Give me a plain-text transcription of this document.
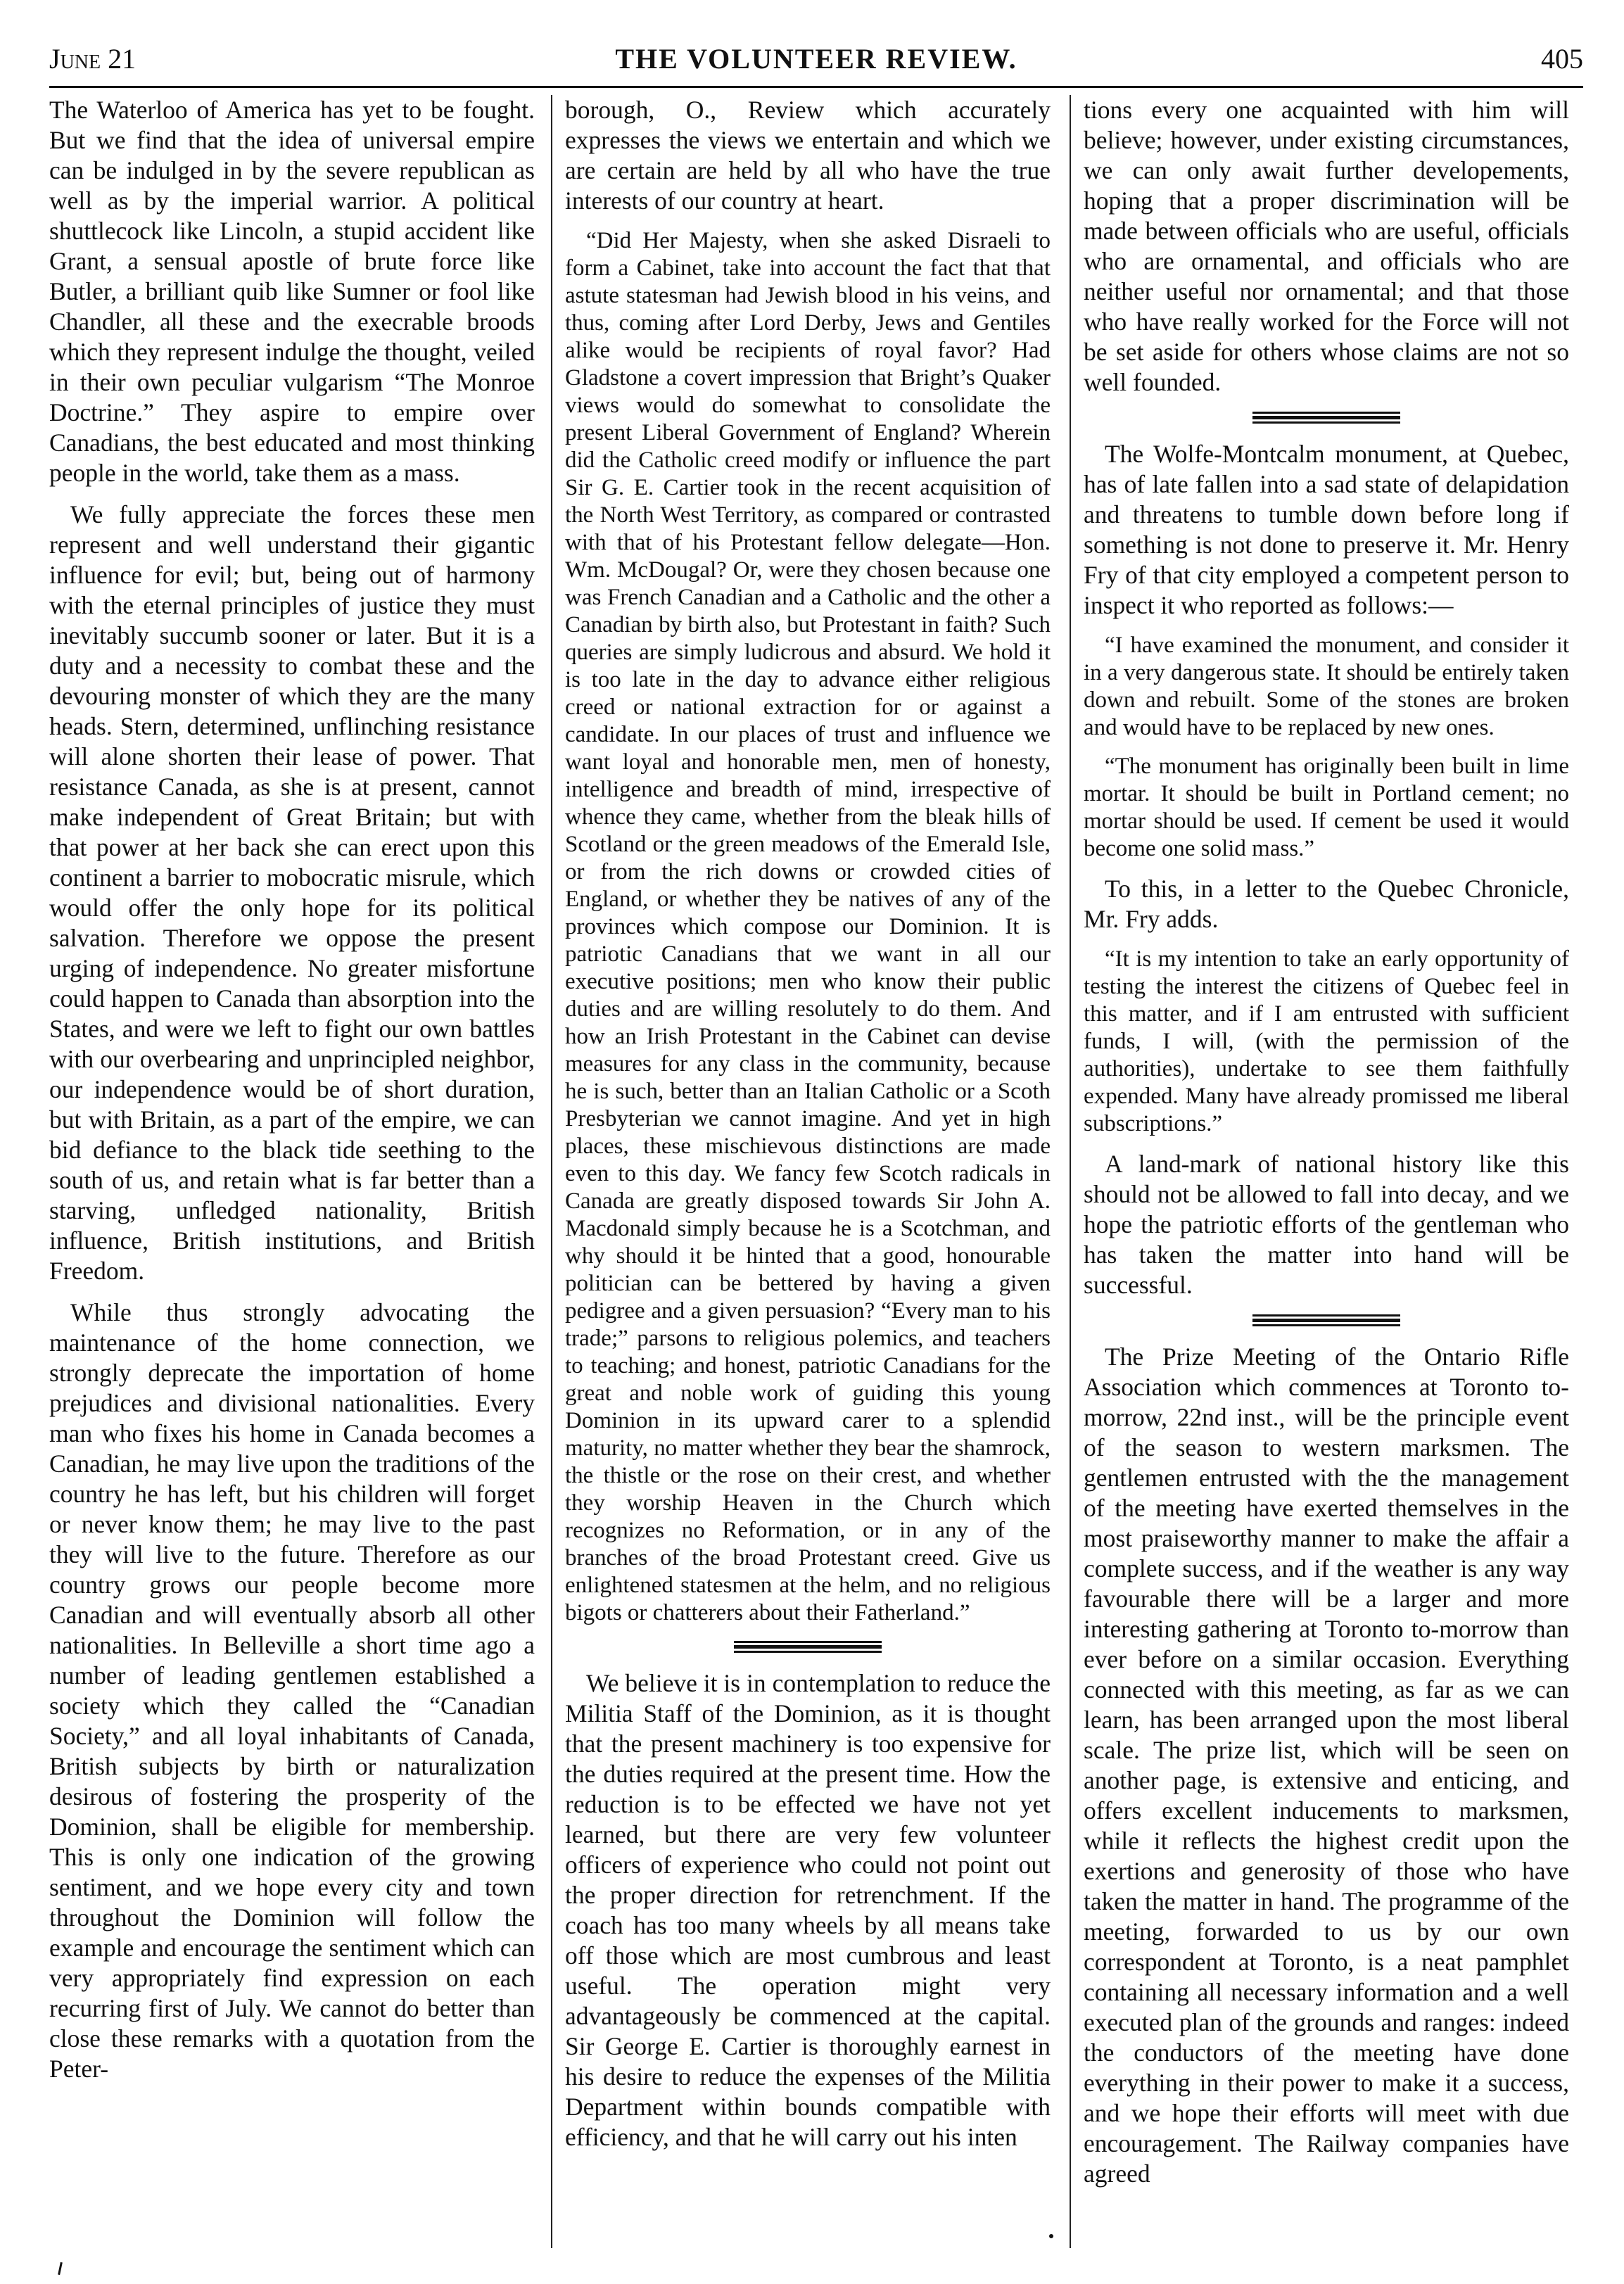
THE VOLUNTEER REVIEW.
June 21	405

The Waterloo of America has yet to be fought. But we find that the idea of universal empire can be indulged in by the severe republican as well as by the imperial warrior. A political shuttlecock like Lincoln, a stupid accident like Grant, a sensual apostle of brute force like Butler, a brilliant quib like Sumner or fool like Chandler, all these and the execrable broods which they represent indulge the thought, veiled in their own peculiar vulgarism “The Monroe Doctrine.” They aspire to empire over Canadians, the best educated and most thinking people in the world, take them as a mass.

We fully appreciate the forces these men represent and well understand their gigantic influence for evil; but, being out of harmony with the eternal principles of justice they must inevitably succumb sooner or later. But it is a duty and a necessity to combat these and the devouring monster of which they are the many heads. Stern, determined, unflinching resistance will alone shorten their lease of power. That resistance Canada, as she is at present, cannot make independent of Great Britain; but with that power at her back she can erect upon this continent a barrier to mobocratic misrule, which would offer the only hope for its political salvation. Therefore we oppose the present urging of independence. No greater misfortune could happen to Canada than absorption into the States, and were we left to fight our own battles with our overbearing and unprincipled neighbor, our independence would be of short duration, but with Britain, as a part of the empire, we can bid defiance to the black tide seething to the south of us, and retain what is far better than a starving, unfledged nationality, British influence, British institutions, and British Freedom.

While thus strongly advocating the maintenance of the home connection, we strongly deprecate the importation of home prejudices and divisional nationalities. Every man who fixes his home in Canada becomes a Canadian, he may live upon the traditions of the country he has left, but his children will forget or never know them; he may live to the past they will live to the future. Therefore as our country grows our people become more Canadian and will eventually absorb all other nationalities. In Belleville a short time ago a number of leading gentlemen established a society which they called the “Canadian Society,” and all loyal inhabitants of Canada, British subjects by birth or naturalization desirous of fostering the prosperity of the Dominion, shall be eligible for membership. This is only one indication of the growing sentiment, and we hope every city and town throughout the Dominion will follow the example and encourage the sentiment which can very appropriately find expression on each recurring first of July. We cannot do better than close these remarks with a quotation from the Peter-

borough, O., Review which accurately expresses the views we entertain and which we are certain are held by all who have the true interests of our country at heart.

“Did Her Majesty, when she asked Disraeli to form a Cabinet, take into account the fact that that astute statesman had Jewish blood in his veins, and thus, coming after Lord Derby, Jews and Gentiles alike would be recipients of royal favor? Had Gladstone a covert impression that Bright’s Quaker views would do somewhat to consolidate the present Liberal Government of England? Wherein did the Catholic creed modify or influence the part Sir G. E. Cartier took in the recent acquisition of the North West Territory, as compared or contrasted with that of his Protestant fellow delegate—Hon. Wm. McDougal? Or, were they chosen because one was French Canadian and a Catholic and the other a Canadian by birth also, but Protestant in faith? Such queries are simply ludicrous and absurd. We hold it is too late in the day to advance either religious creed or national extraction for or against a candidate. In our places of trust and influence we want loyal and honorable men, men of honesty, intelligence and breadth of mind, irrespective of whence they came, whether from the bleak hills of Scotland or the green meadows of the Emerald Isle, or from the rich downs or crowded cities of England, or whether they be natives of any of the provinces which compose our Dominion. It is patriotic Canadians that we want in all our executive positions; men who know their public duties and are willing resolutely to do them. And how an Irish Protestant in the Cabinet can devise measures for any class in the community, because he is such, better than an Italian Catholic or a Scoth Presbyterian we cannot imagine. And yet in high places, these mischievous distinctions are made even to this day. We fancy few Scotch radicals in Canada are greatly disposed towards Sir John A. Macdonald simply because he is a Scotchman, and why should it be hinted that a good, honourable politician can be bettered by having a given pedigree and a given persuasion? “Every man to his trade;” parsons to religious polemics, and teachers to teaching; and honest, patriotic Canadians for the great and noble work of guiding this young Dominion in its upward carer to a splendid maturity, no matter whether they bear the shamrock, the thistle or the rose on their crest, and whether they worship Heaven in the Church which recognizes no Reformation, or in any of the branches of the broad Protestant creed. Give us enlightened statesmen at the helm, and no religious bigots or chatterers about their Fatherland.”

We believe it is in contemplation to reduce the Militia Staff of the Dominion, as it is thought that the present machinery is too expensive for the duties required at the present time. How the reduction is to be effected we have not yet learned, but there are very few volunteer officers of experience who could not point out the proper direction for retrenchment. If the coach has too many wheels by all means take off those which are most cumbrous and least useful. The operation might very advantageously be commenced at the capital. Sir George E. Cartier is thoroughly earnest in his desire to reduce the expenses of the Militia Department within bounds compatible with efficiency, and that he will carry out his inten

tions every one acquainted with him will believe; however, under existing circumstances, we can only await further developements, hoping that a proper discrimination will be made between officials who are useful, officials who are ornamental, and officials who are neither useful nor ornamental; and that those who have really worked for the Force will not be set aside for others whose claims are not so well founded.

The Wolfe-Montcalm monument, at Quebec, has of late fallen into a sad state of delapidation and threatens to tumble down before long if something is not done to preserve it. Mr. Henry Fry of that city employed a competent person to inspect it who reported as follows:—

“I have examined the monument, and consider it in a very dangerous state. It should be entirely taken down and rebuilt. Some of the stones are broken and would have to be replaced by new ones.

“The monument has originally been built in lime mortar. It should be built in Portland cement; no mortar should be used. If cement be used it would become one solid mass.”

To this, in a letter to the Quebec Chronicle, Mr. Fry adds.

“It is my intention to take an early opportunity of testing the interest the citizens of Quebec feel in this matter, and if I am entrusted with sufficient funds, I will, (with the permission of the authorities), undertake to see them faithfully expended. Many have already promissed me liberal subscriptions.”

A land-mark of national history like this should not be allowed to fall into decay, and we hope the patriotic efforts of the gentleman who has taken the matter into hand will be successful.

The Prize Meeting of the Ontario Rifle Association which commences at Toronto to-morrow, 22nd inst., will be the principle event of the season to western marksmen. The gentlemen entrusted with the the management of the meeting have exerted themselves in the most praiseworthy manner to make the affair a complete success, and if the weather is any way favourable there will be a larger and more interesting gathering at Toronto to-morrow than ever before on a similar occasion. Everything connected with this meeting, as far as we can learn, has been arranged upon the most liberal scale. The prize list, which will be seen on another page, is extensive and enticing, and offers excellent inducements to marksmen, while it reflects the highest credit upon the exertions and generosity of those who have taken the matter in hand. The programme of the meeting, forwarded to us by our own correspondent at Toronto, is a neat pamphlet containing all necessary information and a well executed plan of the grounds and ranges: indeed the conductors of the meeting have done everything in their power to make it a success, and we hope their efforts will meet with due encouragement. The Railway companies have agreed
